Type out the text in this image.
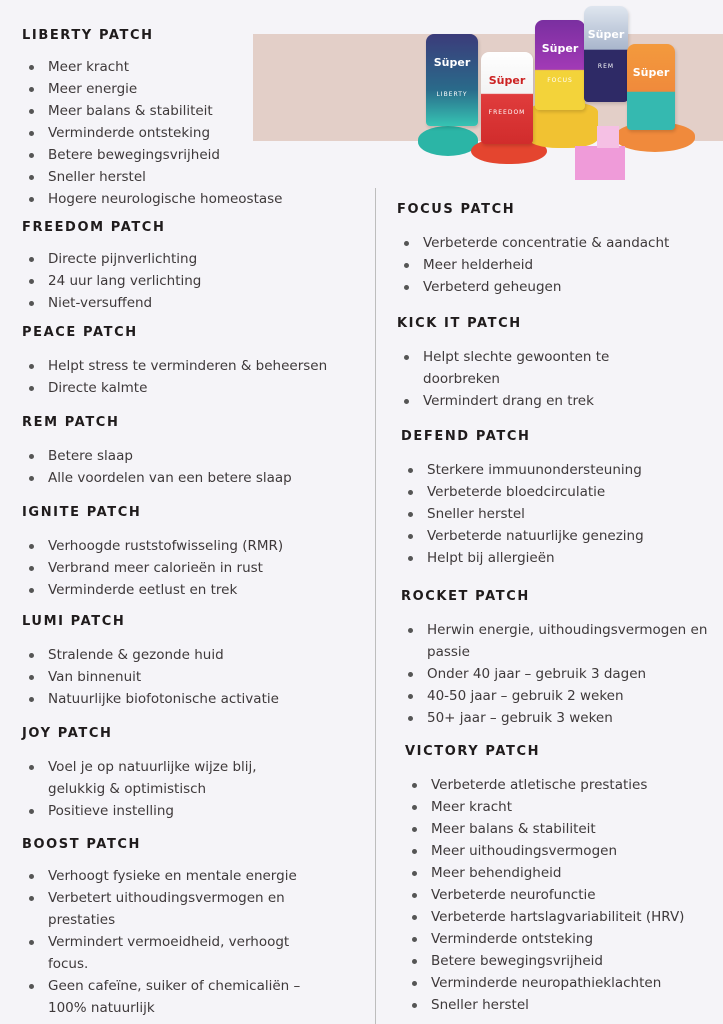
Süper
LIBERTY
Süper
FREEDOM
Süper
FOCUS
Süper
REM	Süper
LIBERTY PATCH
Meer kracht
Meer energie
Meer balans & stabiliteit
Verminderde ontsteking
Betere bewegingsvrijheid
Sneller herstel
Hogere neurologische homeostase
FREEDOM PATCH
Directe pijnverlichting
24 uur lang verlichting
Niet-versuffend
PEACE PATCH
Helpt stress te verminderen & beheersen
Directe kalmte
REM PATCH
Betere slaap
Alle voordelen van een betere slaap
IGNITE PATCH
Verhoogde ruststofwisseling (RMR)
Verbrand meer calorieën in rust
Verminderde eetlust en trek
LUMI PATCH
Stralende & gezonde huid
Van binnenuit
Natuurlijke biofotonische activatie
JOY PATCH
Voel je op natuurlijke wijze blij, gelukkig & optimistisch
Positieve instelling
BOOST PATCH
Verhoogt fysieke en mentale energie
Verbetert uithoudingsvermogen en prestaties
Vermindert vermoeidheid, verhoogt focus.
Geen cafeïne, suiker of chemicaliën – 100% natuurlijk
FOCUS PATCH
Verbeterde concentratie & aandacht
Meer helderheid
Verbeterd geheugen
KICK IT PATCH
Helpt slechte gewoonten te doorbreken
Vermindert drang en trek
DEFEND PATCH
Sterkere immuunondersteuning
Verbeterde bloedcirculatie
Sneller herstel
Verbeterde natuurlijke genezing
Helpt bij allergieën
ROCKET PATCH
Herwin energie, uithoudingsvermogen en passie
Onder 40 jaar – gebruik 3 dagen
40-50 jaar – gebruik 2 weken
50+ jaar – gebruik 3 weken
VICTORY PATCH
Verbeterde atletische prestaties
Meer kracht
Meer balans & stabiliteit
Meer uithoudingsvermogen
Meer behendigheid
Verbeterde neurofunctie
Verbeterde hartslagvariabiliteit (HRV)
Verminderde ontsteking
Betere bewegingsvrijheid
Verminderde neuropathieklachten
Sneller herstel
